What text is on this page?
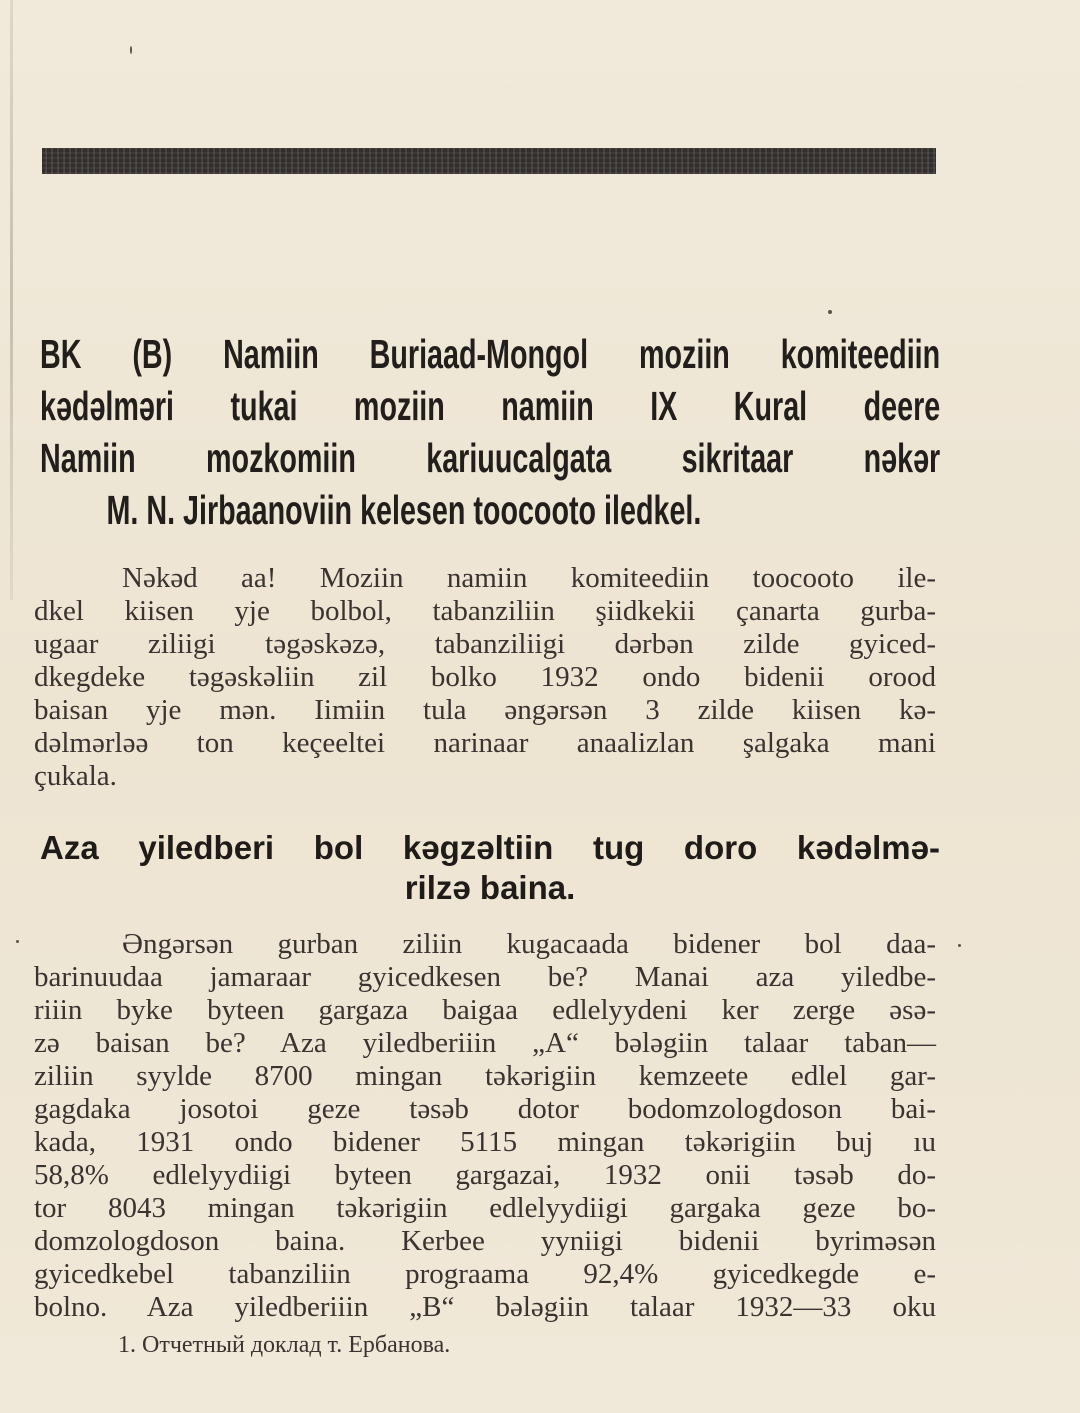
BK (B) Namiin Buriaad-Mongol moziin komiteediin
kədəlməri tukai moziin namiin IX Kural deere
Namiin mozkomiin kariuucalgata sikritaar nəkər
M. N. Jirbaanoviin kelesen toocooto iledkel.
Nəkəd aa! Moziin namiin komiteediin toocooto ile-
dkel kiisen yje bolbol, tabanziliin şiidkekii çanarta gurba-
ugaar ziliigi təgəskəzə, tabanziliigi dərbən zilde gyiced-
dkegdeke təgəskəliin zil bolko 1932 ondo bidenii orood
baisan yje mən. Iimiin tula əngərsən 3 zilde kiisen kə-
dəlmərləə ton keçeeltei narinaar anaalizlan şalgaka mani
çukala.
Aza yiledberi bol kəgzəltiin tug doro kədəlmə-
rilzə baina.
Əngərsən gurban ziliin kugacaada bidener bol daa-
barinuudaa jamaraar gyicedkesen be? Manai aza yiledbe-
riiin byke byteen gargaza baigaa edlelyydeni ker zerge əsə-
zə baisan be? Aza yiledberiiin „A“ bələgiin talaar taban—
ziliin syylde 8700 mingan təkərigiin kemzeete edlel gar-
gagdaka josotoi geze təsəb dotor bodomzologdoson bai-
kada, 1931 ondo bidener 5115 mingan təkərigiin buj ıu
58,8% edlelyydiigi byteen gargazai, 1932 onii təsəb do-
tor 8043 mingan təkərigiin edlelyydiigi gargaka geze bo-
domzologdoson baina. Kerbee yyniigi bidenii byriməsən
gyicedkebel tabanziliin prograama 92,4% gyicedkegde e-
bolno. Aza yiledberiiin „B“ bələgiin talaar 1932—33 oku
1. Отчетный доклад т. Ербанова.
